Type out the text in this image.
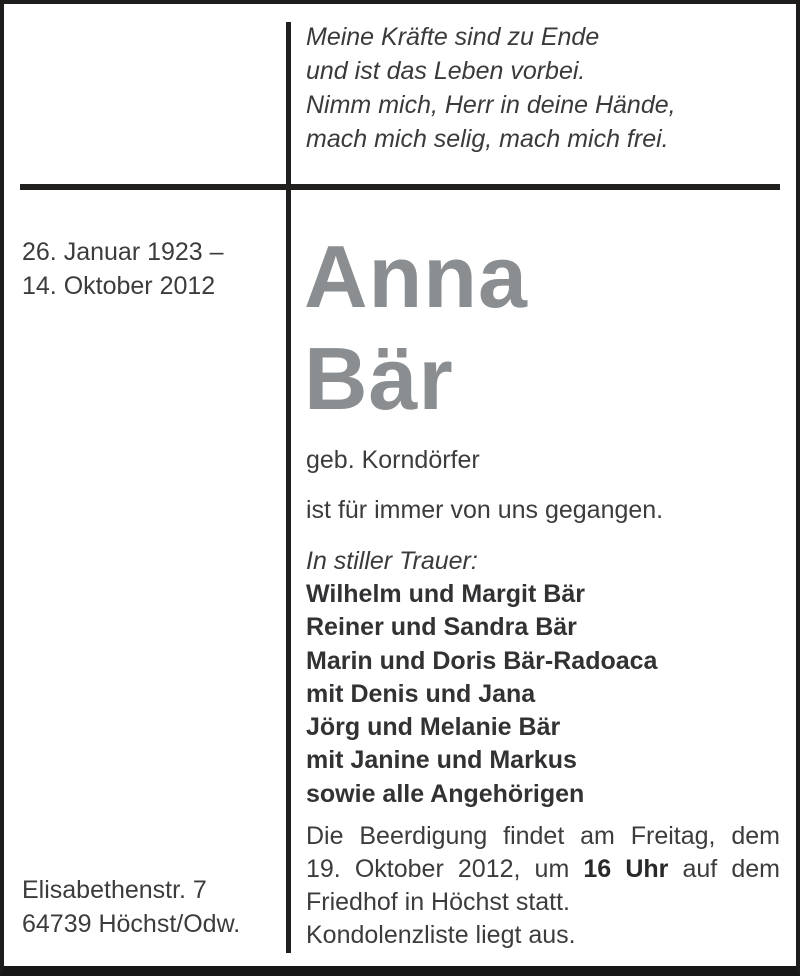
Meine Kräfte sind zu Ende
und ist das Leben vorbei.
Nimm mich, Herr in deine Hände,
mach mich selig, mach mich frei.
26. Januar 1923 –
14. Oktober 2012 Anna
Bär
geb. Korndörfer
ist für immer von uns gegangen.
In stiller Trauer:
Wilhelm und Margit Bär
Reiner und Sandra Bär
Marin und Doris Bär-Radoaca
mit Denis und Jana
Jörg und Melanie Bär
mit Janine und Markus
sowie alle Angehörigen
Die Beerdigung findet am Freitag, dem
19. Oktober 2012, um 16 Uhr auf dem
Friedhof in Höchst statt.
Kondolenzliste liegt aus.
Elisabethenstr. 7
64739 Höchst/Odw.
